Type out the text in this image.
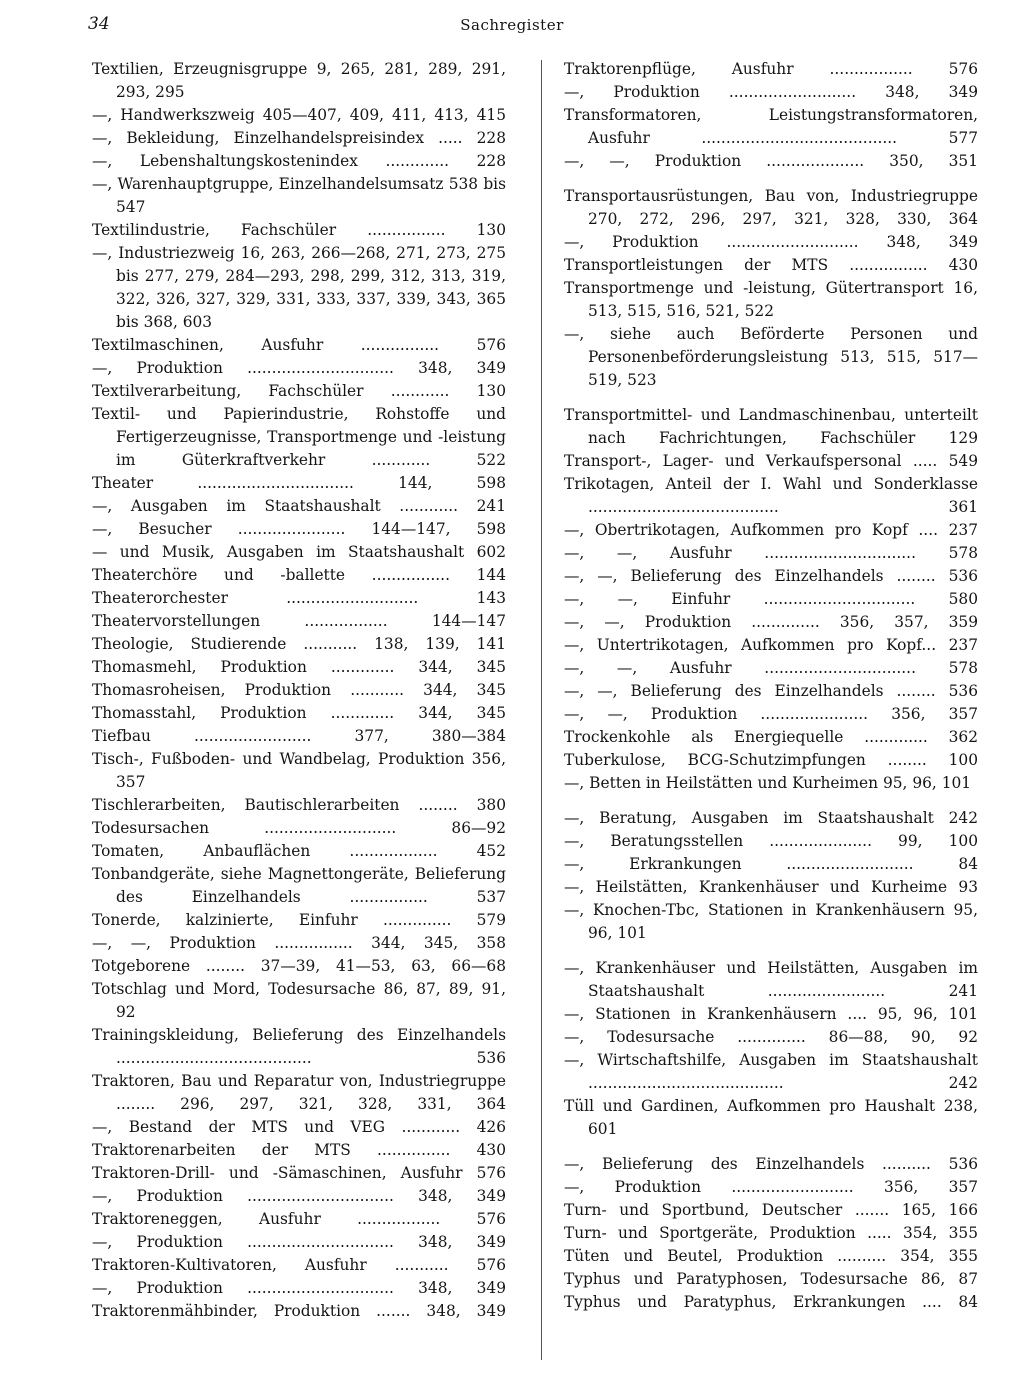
34	Sachregister
Textilien, Erzeugnisgruppe 9, 265, 281, 289, 291, 293, 295
—, Handwerkszweig 405—407, 409, 411, 413, 415
—, Bekleidung, Einzelhandelspreisindex ..... 228
—, Lebenshaltungskostenindex ............. 228
—, Warenhauptgruppe, Einzelhandelsumsatz 538 bis 547
Textilindustrie, Fachschüler ................ 130
—, Industriezweig 16, 263, 266—268, 271, 273, 275 bis 277, 279, 284—293, 298, 299, 312, 313, 319, 322, 326, 327, 329, 331, 333, 337, 339, 343, 365 bis 368, 603
Textilmaschinen, Ausfuhr ................ 576
—, Produktion .............................. 348, 349
Textilverarbeitung, Fachschüler ............ 130
Textil- und Papierindustrie, Rohstoffe und Fertigerzeugnisse, Transportmenge und -leistung im Güterkraftverkehr ............ 522
Theater ................................ 144, 598
—, Ausgaben im Staatshaushalt ............ 241
—, Besucher ...................... 144—147, 598
— und Musik, Ausgaben im Staatshaushalt 602
Theaterchöre und -ballette ................ 144
Theaterorchester ........................... 143
Theatervorstellungen ................. 144—147
Theologie, Studierende ........... 138, 139, 141
Thomasmehl, Produktion ............. 344, 345
Thomasroheisen, Produktion ........... 344, 345
Thomasstahl, Produktion ............. 344, 345
Tiefbau ........................ 377, 380—384
Tisch-, Fußboden- und Wandbelag, Produktion 356, 357
Tischlerarbeiten, Bautischlerarbeiten ........ 380
Todesursachen ........................... 86—92
Tomaten, Anbauflächen .................. 452
Tonbandgeräte, siehe Magnettongeräte, Belieferung des Einzelhandels ................ 537
Tonerde, kalzinierte, Einfuhr .............. 579
—, —, Produktion ................ 344, 345, 358
Totgeborene ........ 37—39, 41—53, 63, 66—68
Totschlag und Mord, Todesursache 86, 87, 89, 91, 92
Trainingskleidung, Belieferung des Einzelhandels ........................................ 536
Traktoren, Bau und Reparatur von, Industriegruppe ........ 296, 297, 321, 328, 331, 364
—, Bestand der MTS und VEG ............ 426
Traktorenarbeiten der MTS ............... 430
Traktoren-Drill- und -Sämaschinen, Ausfuhr 576
—, Produktion .............................. 348, 349
Traktoreneggen, Ausfuhr ................. 576
—, Produktion .............................. 348, 349
Traktoren-Kultivatoren, Ausfuhr ........... 576
—, Produktion .............................. 348, 349
Traktorenmähbinder, Produktion ....... 348, 349
Traktorenpflüge, Ausfuhr ................. 576
—, Produktion .......................... 348, 349
Transformatoren, Leistungstransformatoren, Ausfuhr ........................................ 577
—, —, Produktion .................... 350, 351
Transportausrüstungen, Bau von, Industriegruppe 270, 272, 296, 297, 321, 328, 330, 364
—, Produktion ........................... 348, 349
Transportleistungen der MTS ................ 430
Transportmenge und -leistung, Gütertransport 16, 513, 515, 516, 521, 522
—, siehe auch Beförderte Personen und Personenbeförderungsleistung 513, 515, 517—519, 523
Transportmittel- und Landmaschinenbau, unterteilt nach Fachrichtungen, Fachschüler 129
Transport-, Lager- und Verkaufspersonal ..... 549
Trikotagen, Anteil der I. Wahl und Sonderklasse ....................................... 361
—, Obertrikotagen, Aufkommen pro Kopf .... 237
—, —, Ausfuhr ............................... 578
—, —, Belieferung des Einzelhandels ........ 536
—, —, Einfuhr ............................... 580
—, —, Produktion .............. 356, 357, 359
—, Untertrikotagen, Aufkommen pro Kopf... 237
—, —, Ausfuhr ............................... 578
—, —, Belieferung des Einzelhandels ........ 536
—, —, Produktion ...................... 356, 357
Trockenkohle als Energiequelle ............. 362
Tuberkulose, BCG-Schutzimpfungen ........ 100
—, Betten in Heilstätten und Kurheimen 95, 96, 101
—, Beratung, Ausgaben im Staatshaushalt 242
—, Beratungsstellen ..................... 99, 100
—, Erkrankungen .......................... 84
—, Heilstätten, Krankenhäuser und Kurheime 93
—, Knochen-Tbc, Stationen in Krankenhäusern 95, 96, 101
—, Krankenhäuser und Heilstätten, Ausgaben im Staatshaushalt ........................ 241
—, Stationen in Krankenhäusern .... 95, 96, 101
—, Todesursache .............. 86—88, 90, 92
—, Wirtschaftshilfe, Ausgaben im Staatshaushalt ........................................ 242
Tüll und Gardinen, Aufkommen pro Haushalt 238, 601
—, Belieferung des Einzelhandels .......... 536
—, Produktion ......................... 356, 357
Turn- und Sportbund, Deutscher ....... 165, 166
Turn- und Sportgeräte, Produktion ..... 354, 355
Tüten und Beutel, Produktion .......... 354, 355
Typhus und Paratyphosen, Todesursache 86, 87
Typhus und Paratyphus, Erkrankungen .... 84
